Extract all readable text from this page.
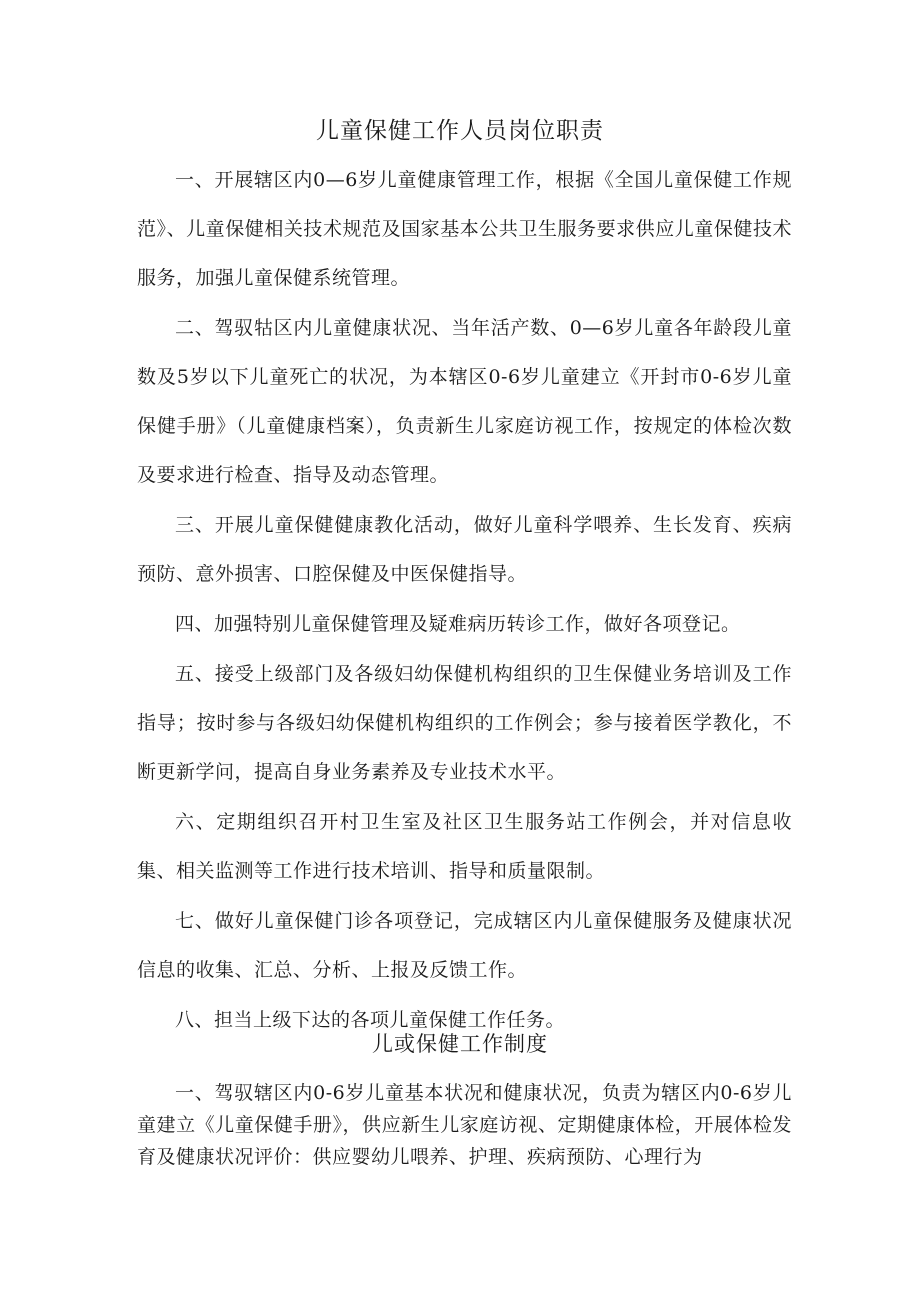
儿童保健工作人员岗位职责

一、开展辖区内0—6岁儿童健康管理工作，根据《全国儿童保健工作规范》、儿童保健相关技术规范及国家基本公共卫生服务要求供应儿童保健技术服务，加强儿童保健系统管理。

二、驾驭牯区内儿童健康状况、当年活产数、0—6岁儿童各年龄段儿童数及5岁以下儿童死亡的状况，为本辖区0-6岁儿童建立《开封市0-6岁儿童保健手册》（儿童健康档案），负责新生儿家庭访视工作，按规定的体检次数及要求进行检查、指导及动态管理。

三、开展儿童保健健康教化活动，做好儿童科学喂养、生长发育、疾病预防、意外损害、口腔保健及中医保健指导。

四、加强特别儿童保健管理及疑难病历转诊工作，做好各项登记。

五、接受上级部门及各级妇幼保健机构组织的卫生保健业务培训及工作指导；按时参与各级妇幼保健机构组织的工作例会；参与接着医学教化，不断更新学问，提高自身业务素养及专业技术水平。

六、定期组织召开村卫生室及社区卫生服务站工作例会，并对信息收集、相关监测等工作进行技术培训、指导和质量限制。

七、做好儿童保健门诊各项登记，完成辖区内儿童保健服务及健康状况信息的收集、汇总、分析、上报及反馈工作。

八、担当上级下达的各项儿童保健工作任务。

儿或保健工作制度

一、驾驭辖区内0-6岁儿童基本状况和健康状况，负责为辖区内0-6岁儿童建立《儿童保健手册》，供应新生儿家庭访视、定期健康体检，开展体检发育及健康状况评价：供应婴幼儿喂养、护理、疾病预防、心理行为
